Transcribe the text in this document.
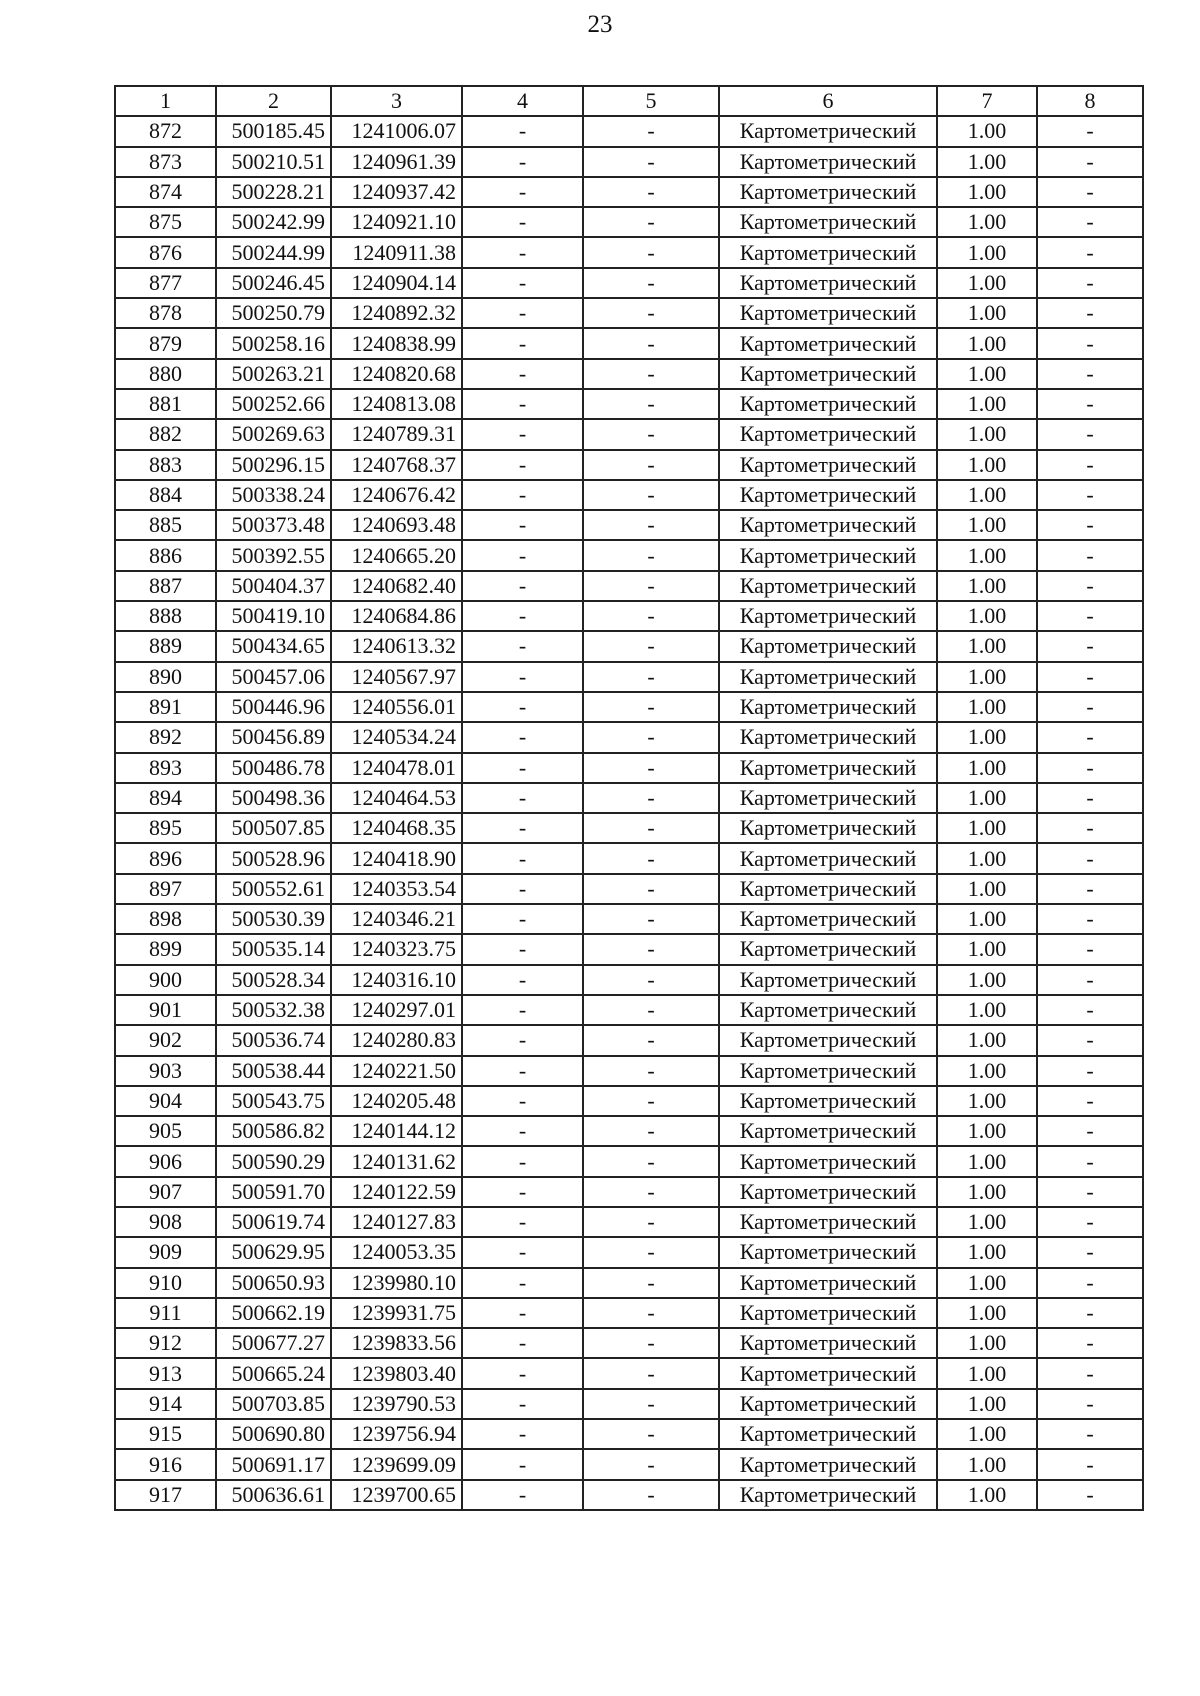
23
1	2	3	4	5	6	7	8
872	500185.45	1241006.07	-	-	Картометрический	1.00	-
873	500210.51	1240961.39	-	-	Картометрический	1.00	-
874	500228.21	1240937.42	-	-	Картометрический	1.00	-
875	500242.99	1240921.10	-	-	Картометрический	1.00	-
876	500244.99	1240911.38	-	-	Картометрический	1.00	-
877	500246.45	1240904.14	-	-	Картометрический	1.00	-
878	500250.79	1240892.32	-	-	Картометрический	1.00	-
879	500258.16	1240838.99	-	-	Картометрический	1.00	-
880	500263.21	1240820.68	-	-	Картометрический	1.00	-
881	500252.66	1240813.08	-	-	Картометрический	1.00	-
882	500269.63	1240789.31	-	-	Картометрический	1.00	-
883	500296.15	1240768.37	-	-	Картометрический	1.00	-
884	500338.24	1240676.42	-	-	Картометрический	1.00	-
885	500373.48	1240693.48	-	-	Картометрический	1.00	-
886	500392.55	1240665.20	-	-	Картометрический	1.00	-
887	500404.37	1240682.40	-	-	Картометрический	1.00	-
888	500419.10	1240684.86	-	-	Картометрический	1.00	-
889	500434.65	1240613.32	-	-	Картометрический	1.00	-
890	500457.06	1240567.97	-	-	Картометрический	1.00	-
891	500446.96	1240556.01	-	-	Картометрический	1.00	-
892	500456.89	1240534.24	-	-	Картометрический	1.00	-
893	500486.78	1240478.01	-	-	Картометрический	1.00	-
894	500498.36	1240464.53	-	-	Картометрический	1.00	-
895	500507.85	1240468.35	-	-	Картометрический	1.00	-
896	500528.96	1240418.90	-	-	Картометрический	1.00	-
897	500552.61	1240353.54	-	-	Картометрический	1.00	-
898	500530.39	1240346.21	-	-	Картометрический	1.00	-
899	500535.14	1240323.75	-	-	Картометрический	1.00	-
900	500528.34	1240316.10	-	-	Картометрический	1.00	-
901	500532.38	1240297.01	-	-	Картометрический	1.00	-
902	500536.74	1240280.83	-	-	Картометрический	1.00	-
903	500538.44	1240221.50	-	-	Картометрический	1.00	-
904	500543.75	1240205.48	-	-	Картометрический	1.00	-
905	500586.82	1240144.12	-	-	Картометрический	1.00	-
906	500590.29	1240131.62	-	-	Картометрический	1.00	-
907	500591.70	1240122.59	-	-	Картометрический	1.00	-
908	500619.74	1240127.83	-	-	Картометрический	1.00	-
909	500629.95	1240053.35	-	-	Картометрический	1.00	-
910	500650.93	1239980.10	-	-	Картометрический	1.00	-
911	500662.19	1239931.75	-	-	Картометрический	1.00	-
912	500677.27	1239833.56	-	-	Картометрический	1.00	-
913	500665.24	1239803.40	-	-	Картометрический	1.00	-
914	500703.85	1239790.53	-	-	Картометрический	1.00	-
915	500690.80	1239756.94	-	-	Картометрический	1.00	-
916	500691.17	1239699.09	-	-	Картометрический	1.00	-
917	500636.61	1239700.65	-	-	Картометрический	1.00	-
